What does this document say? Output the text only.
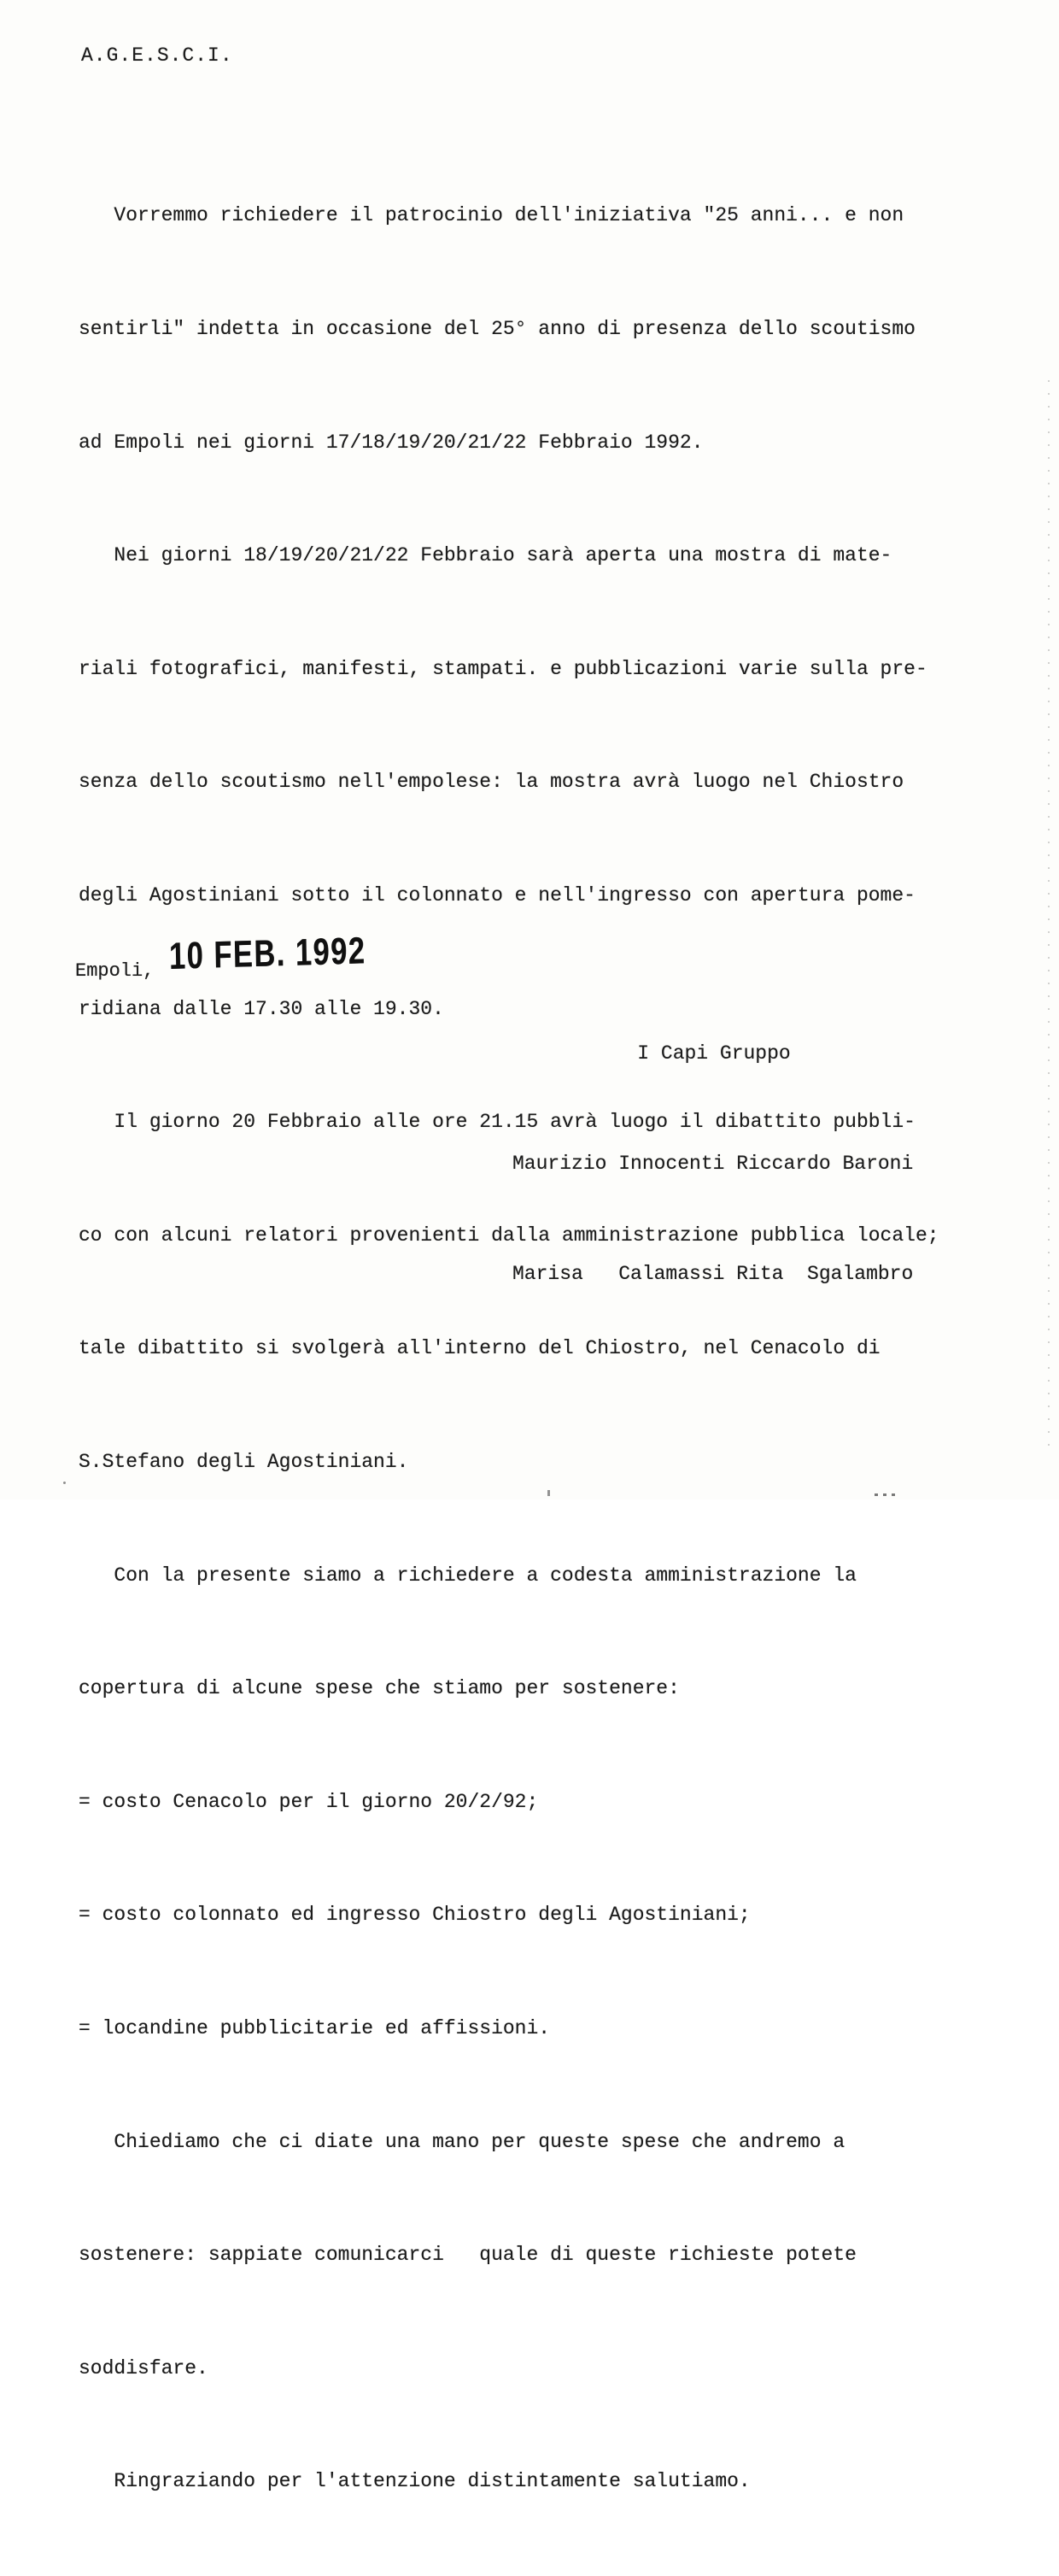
A.G.E.S.C.I.

Vorremmo richiedere il patrocinio dell'iniziativa "25 anni... e non

sentirli" indetta in occasione del 25° anno di presenza dello scoutismo

ad Empoli nei giorni 17/18/19/20/21/22 Febbraio 1992.

Nei giorni 18/19/20/21/22 Febbraio sarà aperta una mostra di mate-

riali fotografici, manifesti, stampati. e pubblicazioni varie sulla pre-

senza dello scoutismo nell'empolese: la mostra avrà luogo nel Chiostro

degli Agostiniani sotto il colonnato e nell'ingresso con apertura pome-

ridiana dalle 17.30 alle 19.30.

Il giorno 20 Febbraio alle ore 21.15 avrà luogo il dibattito pubbli-

co con alcuni relatori provenienti dalla amministrazione pubblica locale;

tale dibattito si svolgerà all'interno del Chiostro, nel Cenacolo di

S.Stefano degli Agostiniani.

Con la presente siamo a richiedere a codesta amministrazione la

copertura di alcune spese che stiamo per sostenere:

= costo Cenacolo per il giorno 20/2/92;

= costo colonnato ed ingresso Chiostro degli Agostiniani;

= locandine pubblicitarie ed affissioni.

Chiediamo che ci diate una mano per queste spese che andremo a

sostenere: sappiate comunicarci   quale di queste richieste potete

soddisfare.

Ringraziando per l'attenzione distintamente salutiamo.

Empoli, 10 FEB. 1992

I Capi Gruppo

Maurizio Innocenti Riccardo Baroni

Marisa   Calamassi Rita  Sgalambro
